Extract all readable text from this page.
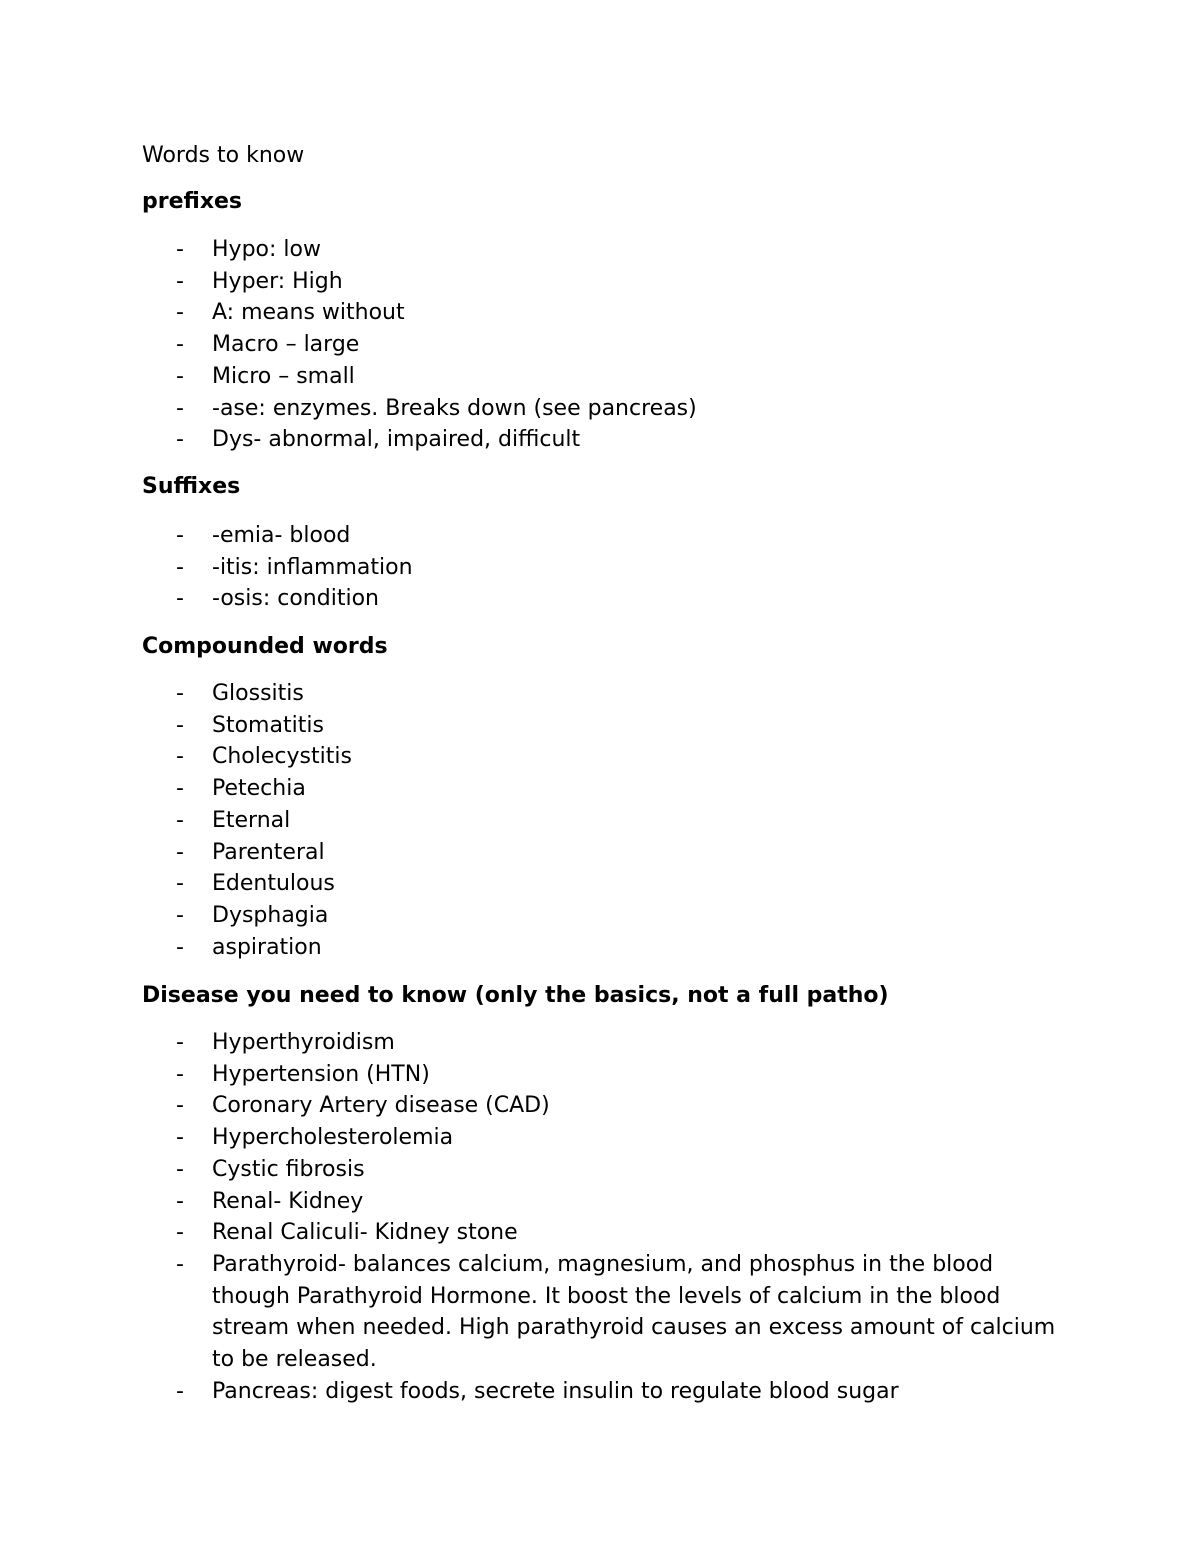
Words to know
prefixes
- Hypo: low
- Hyper: High
- A: means without
- Macro – large
- Micro – small
- -ase: enzymes. Breaks down (see pancreas)
- Dys- abnormal, impaired, difficult
Suffixes
- -emia- blood
- -itis: inflammation
- -osis: condition
Compounded words
- Glossitis
- Stomatitis
- Cholecystitis
- Petechia
- Eternal
- Parenteral
- Edentulous
- Dysphagia
- aspiration
Disease you need to know (only the basics, not a full patho)
- Hyperthyroidism
- Hypertension (HTN)
- Coronary Artery disease (CAD)
- Hypercholesterolemia
- Cystic fibrosis
- Renal- Kidney
- Renal Caliculi- Kidney stone
- Parathyroid- balances calcium, magnesium, and phosphus in the blood though Parathyroid Hormone. It boost the levels of calcium in the blood stream when needed. High parathyroid causes an excess amount of calcium to be released.
- Pancreas: digest foods, secrete insulin to regulate blood sugar
